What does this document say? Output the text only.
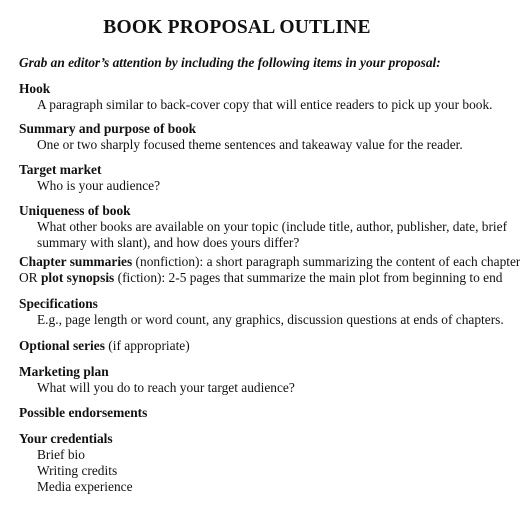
BOOK PROPOSAL OUTLINE
Grab an editor’s attention by including the following items in your proposal:
Hook
A paragraph similar to back-cover copy that will entice readers to pick up your book.
Summary and purpose of book
One or two sharply focused theme sentences and takeaway value for the reader.
Target market
Who is your audience?
Uniqueness of book
What other books are available on your topic (include title, author, publisher, date, brief
summary with slant), and how does yours differ?
Chapter summaries (nonfiction): a short paragraph summarizing the content of each chapter
OR plot synopsis (fiction): 2-5 pages that summarize the main plot from beginning to end
Specifications
E.g., page length or word count, any graphics, discussion questions at ends of chapters.
Optional series (if appropriate)
Marketing plan
What will you do to reach your target audience?
Possible endorsements
Your credentials
Brief bio
Writing credits
Media experience
